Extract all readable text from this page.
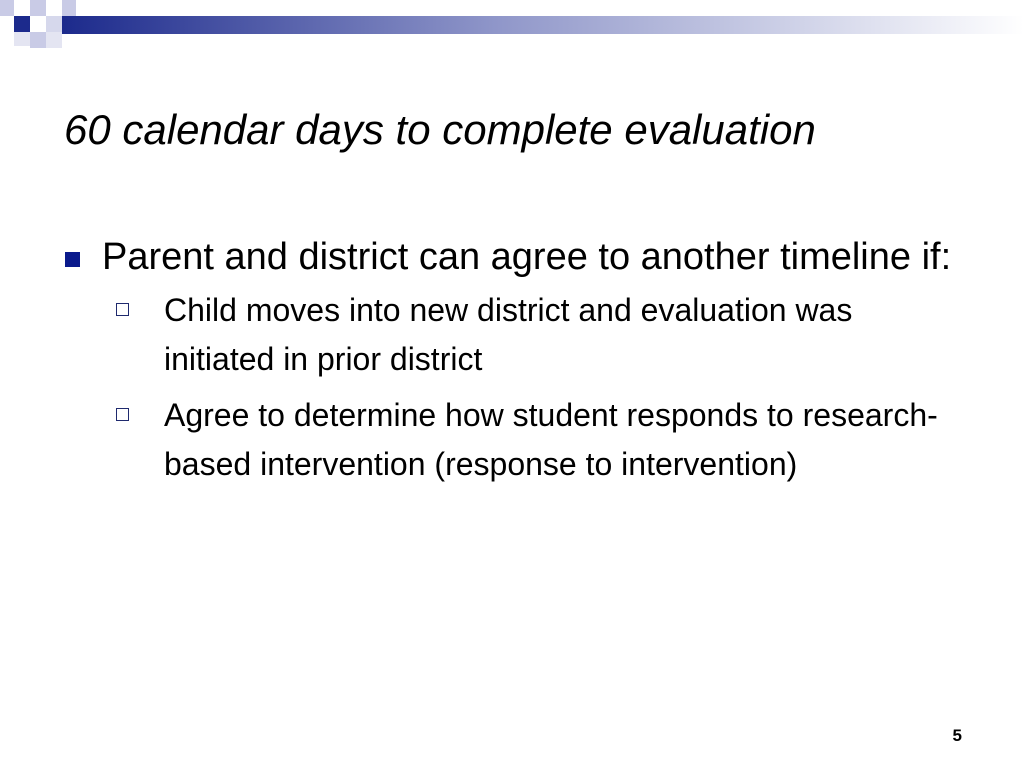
60 calendar days to complete evaluation
Parent and district can agree to another timeline if:
Child moves into new district and evaluation was initiated in prior district
Agree to determine how student responds to research-based intervention (response to intervention)
5
